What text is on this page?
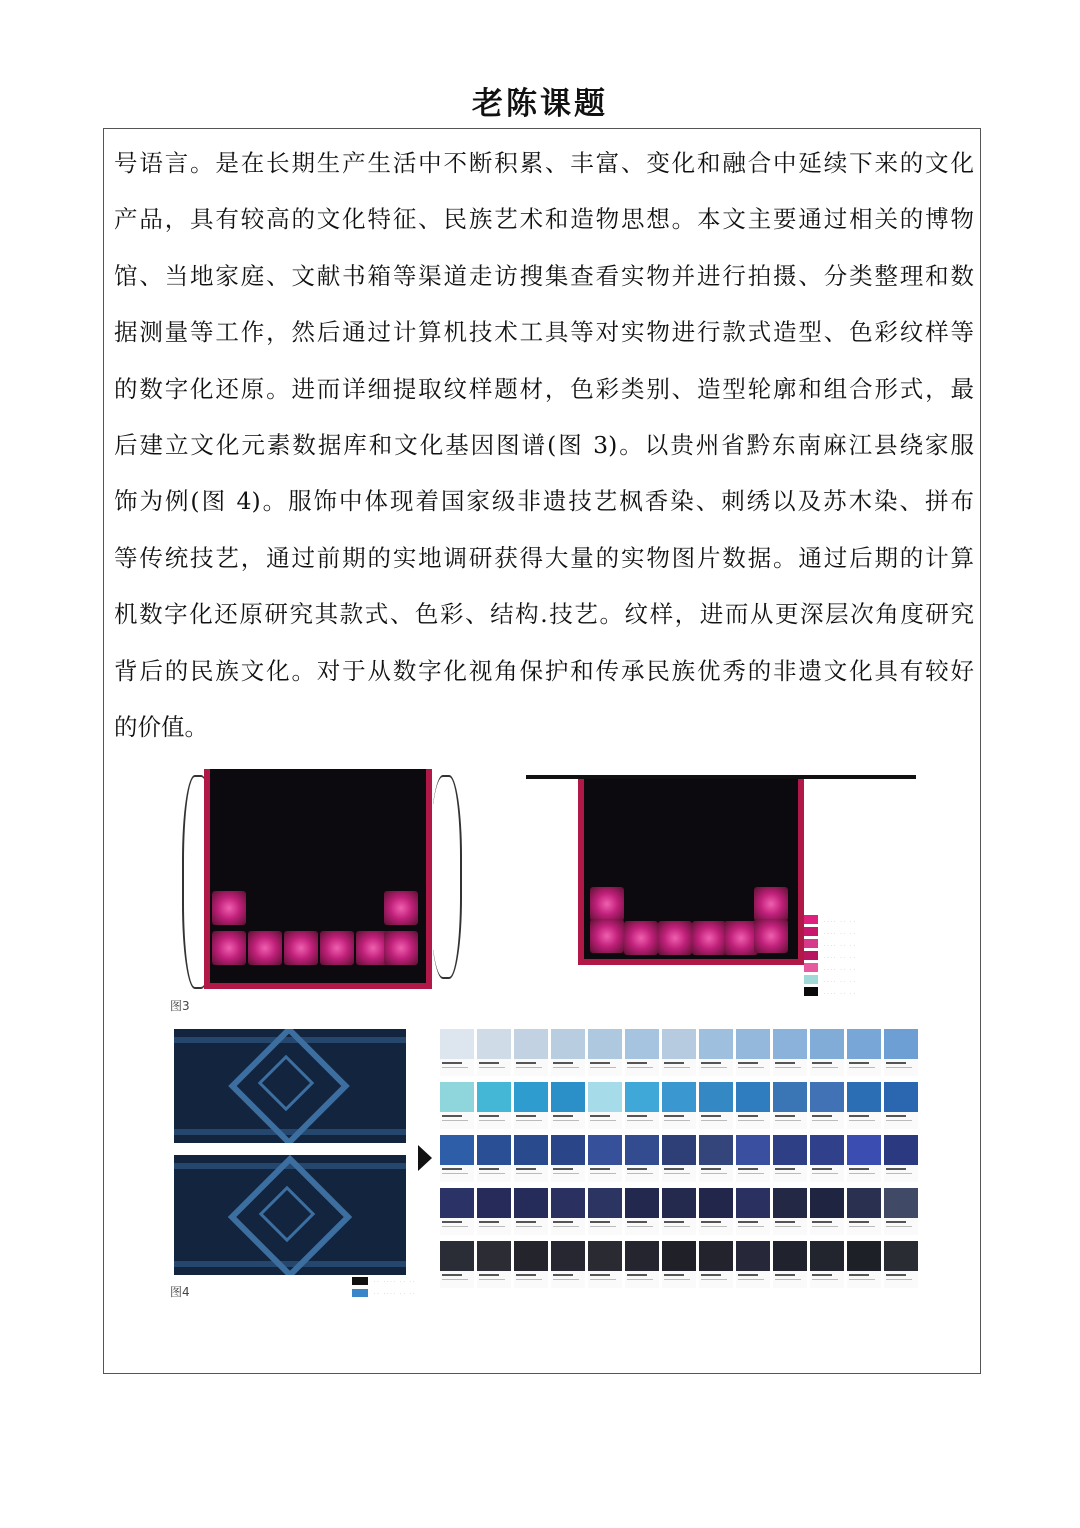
老陈课题
号语言。是在长期生产生活中不断积累、丰富、变化和融合中延续下来的文化
产品，具有较高的文化特征、民族艺术和造物思想。本文主要通过相关的博物
馆、当地家庭、文献书箱等渠道走访搜集查看实物并进行拍摄、分类整理和数
据测量等工作，然后通过计算机技术工具等对实物进行款式造型、色彩纹样等
的数字化还原。进而详细提取纹样题材，色彩类别、造型轮廓和组合形式，最
后建立文化元素数据库和文化基因图谱(图 3)。以贵州省黔东南麻江县绕家服
饰为例(图 4)。服饰中体现着国家级非遗技艺枫香染、刺绣以及苏木染、拼布
等传统技艺，通过前期的实地调研获得大量的实物图片数据。通过后期的计算
机数字化还原研究其款式、色彩、结构.技艺。纹样，进而从更深层次角度研究
背后的民族文化。对于从数字化视角保护和传承民族优秀的非遗文化具有较好
的价值。
···· ·· ··
···· ·· ··
···· ·· ··
···· ·· ··
···· ·· ··
···· ·· ··
···· ·· ··
图3
·· ···· ·· ··
·· ···· ·· ··
图4
